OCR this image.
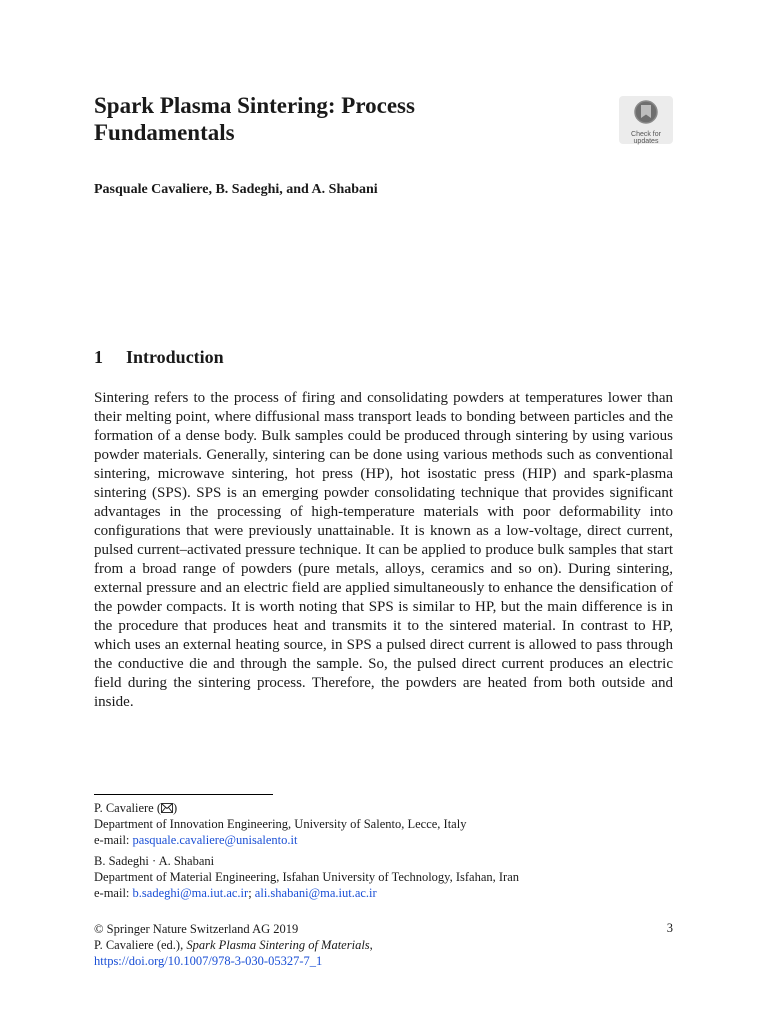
Spark Plasma Sintering: Process Fundamentals	Check for
updates

Pasquale Cavaliere, B. Sadeghi, and A. Shabani

1 Introduction

Sintering refers to the process of firing and consolidating powders at temperatures lower than their melting point, where diffusional mass transport leads to bonding between particles and the formation of a dense body. Bulk samples could be produced through sintering by using various powder materials. Generally, sintering can be done using various methods such as conventional sintering, microwave sintering, hot press (HP), hot isostatic press (HIP) and spark-plasma sintering (SPS). SPS is an emerging powder consolidating technique that provides significant advantages in the processing of high-temperature materials with poor deformability into configurations that were previously unattainable. It is known as a low-voltage, direct current, pulsed current–activated pressure technique. It can be applied to produce bulk samples that start from a broad range of powders (pure metals, alloys, ceramics and so on). During sintering, external pressure and an electric field are applied simultaneously to enhance the densification of the powder compacts. It is worth noting that SPS is similar to HP, but the main difference is in the procedure that produces heat and transmits it to the sintered material. In contrast to HP, which uses an external heating source, in SPS a pulsed direct current is allowed to pass through the conductive die and through the sample. So, the pulsed direct current produces an electric field during the sintering process. Therefore, the powders are heated from both outside and inside.

P. Cavaliere ( )
Department of Innovation Engineering, University of Salento, Lecce, Italy
e-mail: pasquale.cavaliere@unisalento.it
B. Sadeghi · A. Shabani
Department of Material Engineering, Isfahan University of Technology, Isfahan, Iran
e-mail: b.sadeghi@ma.iut.ac.ir; ali.shabani@ma.iut.ac.ir
© Springer Nature Switzerland AG 2019
P. Cavaliere (ed.), Spark Plasma Sintering of Materials,
https://doi.org/10.1007/978-3-030-05327-7_1
3
